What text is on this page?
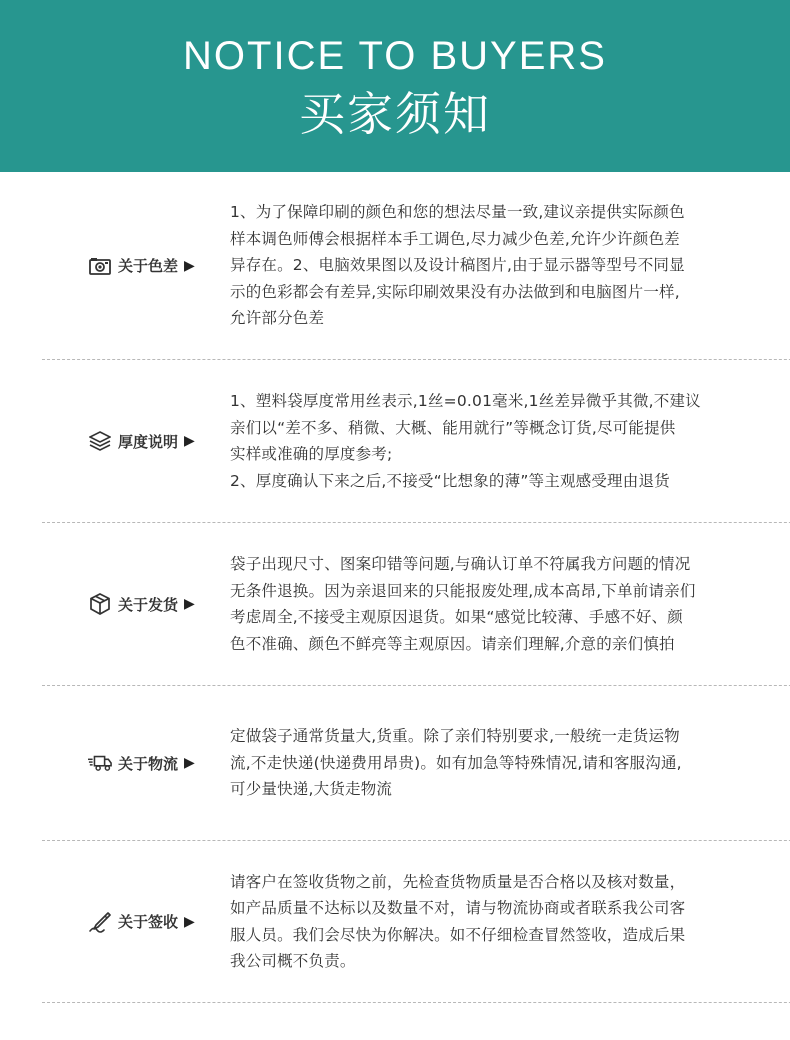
NOTICE TO BUYERS
买家须知
关于色差 ▶
1、为了保障印刷的颜色和您的想法尽量一致,建议亲提供实际颜色
样本调色师傅会根据样本手工调色,尽力减少色差,允许少许颜色差
异存在。2、电脑效果图以及设计稿图片,由于显示器等型号不同显
示的色彩都会有差异,实际印刷效果没有办法做到和电脑图片一样,
允许部分色差
厚度说明 ▶
1、塑料袋厚度常用丝表示,1丝=0.01毫米,1丝差异微乎其微,不建议
亲们以“差不多、稍微、大概、能用就行”等概念订货,尽可能提供
实样或准确的厚度参考;
2、厚度确认下来之后,不接受“比想象的薄”等主观感受理由退货
关于发货 ▶
袋子出现尺寸、图案印错等问题,与确认订单不符属我方问题的情况
无条件退换。因为亲退回来的只能报废处理,成本高昂,下单前请亲们
考虑周全,不接受主观原因退货。如果“感觉比较薄、手感不好、颜
色不准确、颜色不鲜亮等主观原因。请亲们理解,介意的亲们慎拍
关于物流 ▶
定做袋子通常货量大,货重。除了亲们特别要求,一般统一走货运物
流,不走快递(快递费用昂贵)。如有加急等特殊情况,请和客服沟通,
可少量快递,大货走物流
关于签收 ▶
请客户在签收货物之前，先检查货物质量是否合格以及核对数量，
如产品质量不达标以及数量不对，请与物流协商或者联系我公司客
服人员。我们会尽快为你解决。如不仔细检查冒然签收，造成后果
我公司概不负责。
